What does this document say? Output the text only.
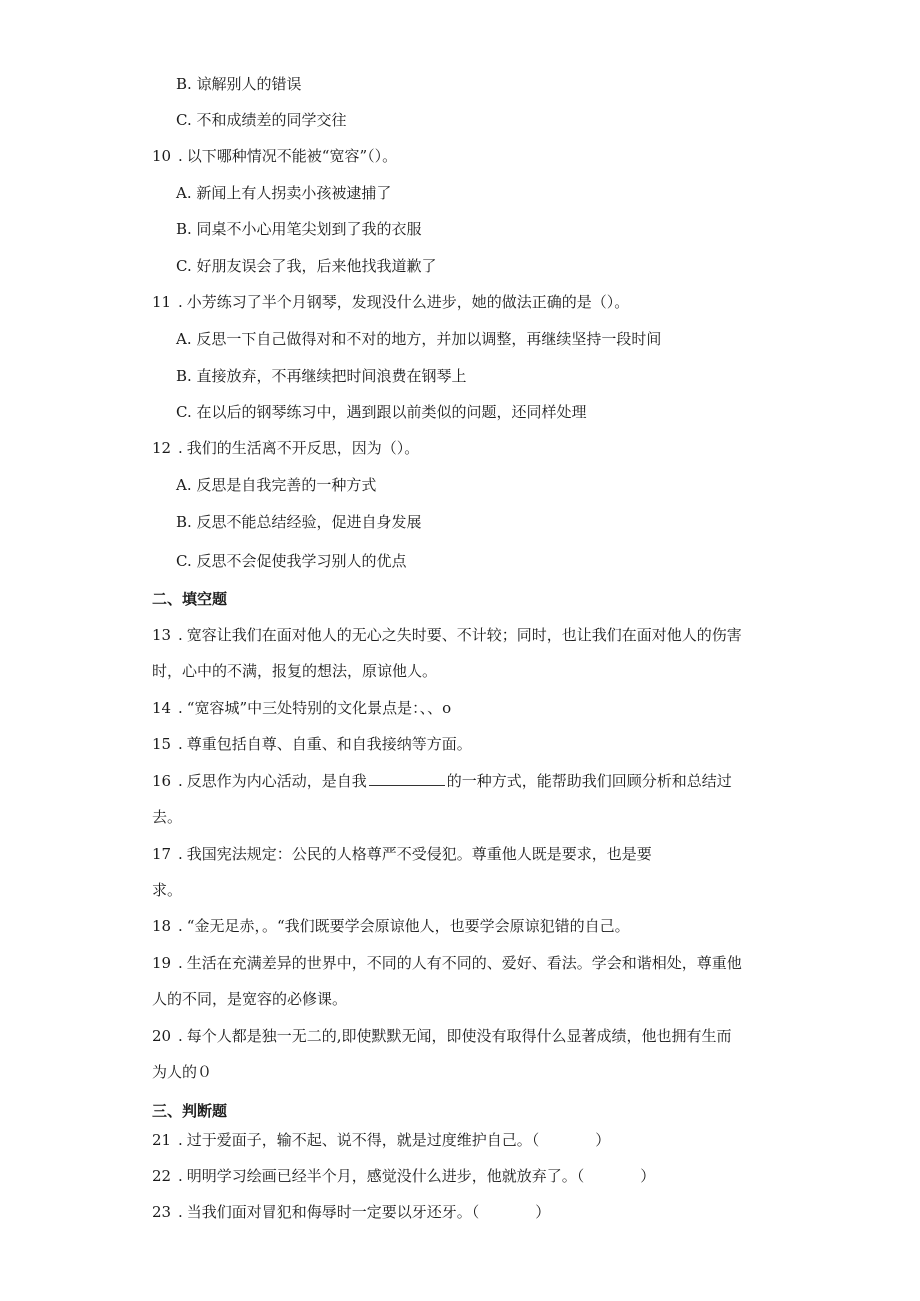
B. 谅解别人的错误
C. 不和成绩差的同学交往
10 . 以下哪种情况不能被“宽容”（）。
A. 新闻上有人拐卖小孩被逮捕了
B. 同桌不小心用笔尖划到了我的衣服
C. 好朋友误会了我，后来他找我道歉了
11 . 小芳练习了半个月钢琴，发现没什么进步，她的做法正确的是（）。
A. 反思一下自己做得对和不对的地方，并加以调整，再继续坚持一段时间
B. 直接放弃，不再继续把时间浪费在钢琴上
C. 在以后的钢琴练习中，遇到跟以前类似的问题，还同样处理
12 . 我们的生活离不开反思，因为（）。
A. 反思是自我完善的一种方式
B. 反思不能总结经验，促进自身发展
C. 反思不会促使我学习别人的优点
二、填空题
13 . 宽容让我们在面对他人的无心之失时要、不计较；同时，也让我们在面对他人的伤害
时，心中的不满，报复的想法，原谅他人。
14 . “宽容城”中三处特别的文化景点是：、、o
15 . 尊重包括自尊、自重、和自我接纳等方面。
16 . 反思作为内心活动，是自我	的一种方式，能帮助我们回顾分析和总结过
去。
17 . 我国宪法规定：公民的人格尊严不受侵犯。尊重他人既是要求，也是要
求。
18 . “金无足赤，。“我们既要学会原谅他人，也要学会原谅犯错的自己。
19 . 生活在充满差异的世界中，不同的人有不同的、爱好、看法。学会和谐相处，尊重他
人的不同，是宽容的必修课。
20 . 每个人都是独一无二的,即使默默无闻，即使没有取得什么显著成绩，他也拥有生而
为人的０
三、判断题
21 . 过于爱面子，输不起、说不得，就是过度维护自己。（	）
22 . 明明学习绘画已经半个月，感觉没什么进步，他就放弃了。（	）
23 . 当我们面对冒犯和侮辱时一定要以牙还牙。（	）
